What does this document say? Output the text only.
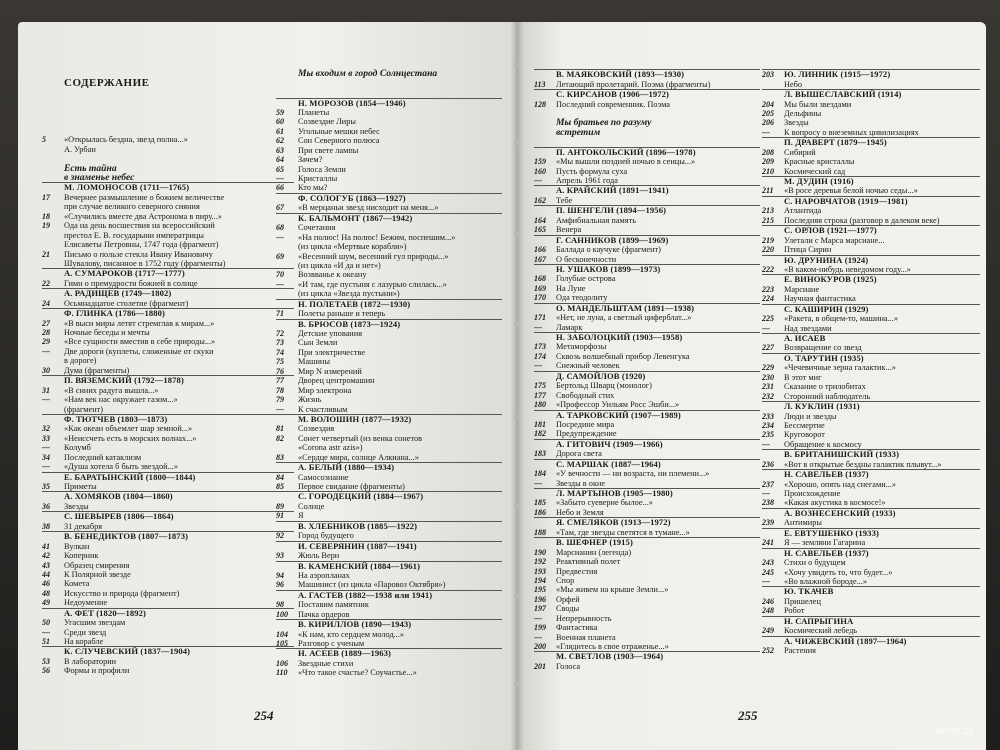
СОДЕРЖАНИЕ
5	«Открылась бездна, звезд полна...»
А. Урбан
Есть тайна
в знаменье небес
М. ЛОМОНОСОВ (1711—1765)
17	Вечернее размышление о божием величестве
при случае великого северного сияния
18	«Случились вместе два Астронома в пиру...»
19	Ода на день восшествия на всероссийский
престол Е. В. государыни императрицы
Елисаветы Петровны, 1747 года (фрагмент)
21	Письмо о пользе стекла Ивану Ивановичу
Шувалову, писанное в 1752 году (фрагменты)
А. СУМАРОКОВ (1717—1777)
22	Гимн о премудрости божией в солнце
А. РАДИЩЕВ (1749—1802)
24	Осьмнадцатое столетие (фрагмент)
Ф. ГЛИНКА (1786—1880)
27	«В выси миры летят стремглав к мирам...»
28	Ночные беседы и мечты
29	«Все сущности вместив в себе природы...»
—	Две дороги (куплеты, сложенные от скуки
в дороге)
30	Дума (фрагменты)
П. ВЯЗЕМСКИЙ (1792—1878)
31	«В синих радуга вышла...»
—	«Нам век нас окружает газом...»
(фрагмент)
Ф. ТЮТЧЕВ (1803—1873)
32	«Как океан объемлет шар земной...»
33	«Неиссчеть есть в морских волнах...»
—	Колумб
34	Последний катаклизм
—	«Душа хотела б быть звездой...»
Е. БАРАТЫНСКИЙ (1800—1844)
35	Приметы
А. ХОМЯКОВ (1804—1860)
36	Звезды
С. ШЕВЫРЕВ (1806—1864)
38	31 декабря
В. БЕНЕДИКТОВ (1807—1873)
41	Вулкан
42	Коперник
43	Образец смирения
44	К Полярной звезде
46	Комета
48	Искусство и природа (фрагмент)
49	Недоумение
А. ФЕТ (1820—1892)
50	Угасшим звездам
—	Среди звезд
51	На корабле
К. СЛУЧЕВСКИЙ (1837—1904)
53	В лаборатории
56	Формы и профили
Мы входим в город Солнцестана
Н. МОРОЗОВ (1854—1946)
59	Планеты
60	Созвездие Лиры
61	Угольные мешки небес
62	Сон Северного полюса
63	При свете лампы
64	Зачем?
65	Голоса Земли
—	Кристаллы
66	Кто мы?
Ф. СОЛОГУБ (1863—1927)
67	«В мерцаньи звезд нисходит на меня...»
К. БАЛЬМОНТ (1867—1942)
68	Сочетания
—	«На полюс! На полюс! Бежим, поспешим...»
(из цикла «Мертвые корабли»)
69	«Весенний шум, весенний гул природы...»
(из цикла «И да и нет»)
70	Возвванье к океану
—	«И там, где пустыня с лазурью слилась...»
(из цикла «Звезда пустыни»)
Н. ПОЛЕТАЕВ (1872—1930)
71	Полеты раньше и теперь
В. БРЮСОВ (1873—1924)
72	Детские упования
73	Сын Земли
74	При электричестве
75	Машины
76	Мир N измерений
77	Дворец центромашин
78	Мир электрона
79	Жизнь
—	К счастливым
М. ВОЛОШИН (1877—1932)
81	Созвездия
82	Сонет четвертый (из венка сонетов
«Corona astr azis»)
83	«Сердце мира, солнце Алкиана...»
А. БЕЛЫЙ (1880—1934)
84	Самосознание
85	Первое свидание (фрагменты)
С. ГОРОДЕЦКИЙ (1884—1967)
89	Солнце
91	Я
В. ХЛЕБНИКОВ (1885—1922)
92	Город будущего
И. СЕВЕРЯНИН (1887—1941)
93	Жюль Верн
В. КАМЕНСКИЙ (1884—1961)
94	На аэропланах
96	Машинист (из цикла «Паровоз Октября»)
А. ГАСТЕВ (1882—1938 или 1941)
98	Поставим памятник
100	Пачка ордеров
В. КИРИЛЛОВ (1890—1943)
104	«К нам, кто сердцем молод...»
105	Разговор с ученым
Н. АСЕЕВ (1889—1963)
106	Звездные стихи
110	«Что такое счастье? Соучастье...»
254
В. МАЯКОВСКИЙ (1893—1930)
113	Летающий пролетарий. Поэма (фрагменты)
С. КИРСАНОВ (1906—1972)
128	Последний современник. Поэма
Мы братьев по разуму
встретим
П. АНТОКОЛЬСКИЙ (1896—1978)
159	«Мы вышли поздней ночью в сенцы...»
160	Пусть формула суха
—	Апрель 1961 года
А. КРАЙСКИЙ (1891—1941)
162	Тебе
П. ШЕНГЕЛИ (1894—1956)
164	Амфибиальная память
165	Венера
Г. САННИКОВ (1899—1969)
166	Баллада о каучуке (фрагмент)
167	О бесконечности
Н. УШАКОВ (1899—1973)
168	Голубые острова
169	На Луне
170	Ода теодолиту
О. МАНДЕЛЬШТАМ (1891—1938)
171	«Нет, не луна, а светлый циферблат...»
—	Ламарк
Н. ЗАБОЛОЦКИЙ (1903—1958)
173	Метаморфозы
174	Сквозь волшебный прибор Левенгука
—	Снежный человек
Д. САМОЙЛОВ (1920)
175	Бертольд Шварц (монолог)
177	Свободный стих
180	«Профессор Уильям Росс Эшби...»
А. ТАРКОВСКИЙ (1907—1989)
181	Посредине мира
182	Предупреждение
А. ГИТОВИЧ (1909—1966)
183	Дорога света
С. МАРШАК (1887—1964)
184	«У вечности — ни возраста, ни племени...»
—	Звезды в окне
Л. МАРТЫНОВ (1905—1980)
185	«Забыто суеверие былое...»
186	Небо и Земля
Я. СМЕЛЯКОВ (1913—1972)
188	«Там, где звезды светятся в тумане...»
В. ШЕФНЕР (1915)
190	Марсианин (легенда)
192	Реактивный полет
193	Предвестия
194	Спор
195	«Мы живем на крыше Земли...»
196	Орфей
197	Своды
—	Непрерывность
199	Фантастика
—	Военная планета
200	«Глядитесь в свое отраженье...»
М. СВЕТЛОВ (1903—1964)
201	Голоса
203	Ю. ЛИННИК (1915—1972)
Небо
Л. ВЫШЕСЛАВСКИЙ (1914)
204	Мы были звездами
205	Дельфины
206	Звезды
—	К вопросу о внеземных цивилизациях
П. ДРАВЕРТ (1879—1945)
208	Сибирий
209	Красные кристаллы
210	Космический сад
М. ДУДИН (1916)
211	«В росе деревья белой ночью седы...»
С. НАРОВЧАТОВ (1919—1981)
213	Атлантида
215	Последняя строка (разговор в далеком веке)
С. ОРЛОВ (1921—1977)
219	Улетали с Марса марсиане...
220	Птица Сирин
Ю. ДРУНИНА (1924)
222	«В каком-нибудь неведомом году...»
Е. ВИНОКУРОВ (1925)
223	Марсиане
224	Научная фантастика
С. КАШИРИН (1929)
225	«Ракета, в общем-то, машина...»
—	Над звездами
А. ИСАЕВ
227	Возвращение со звезд
О. ТАРУТИН (1935)
229	«Чечевичные зерна галактик...»
230	В этот миг
231	Сказание о трилобитах
232	Сторонний наблюдатель
Л. КУКЛИН (1931)
233	Люди и звезды
234	Бессмертие
235	Круговорот
—	Обращение к космосу
В. БРИТАНИШСКИЙ (1933)
236	«Вот в открытые бездны галактик плывут...»
Н. САВЕЛЬЕВ (1937)
237	«Хорошо, опять над снегами...»
—	Происхождение
238	«Какая акустика в космосе!»
А. ВОЗНЕСЕНСКИЙ (1933)
239	Антимиры
Е. ЕВТУШЕНКО (1933)
241	Я — земляни Гагарина
Н. САВЕЛЬЕВ (1937)
243	Стихи о будущем
245	«Хочу увидеть то, что будет...»
—	«Во влажной бороде...»
Ю. ТКАЧЕВ
246	Пришелец
248	Робот
Н. САПРЫГИНА
249	Космический лебедь
А. ЧИЖЕВСКИЙ (1897—1964)
252	Растения
255
kufar.by
